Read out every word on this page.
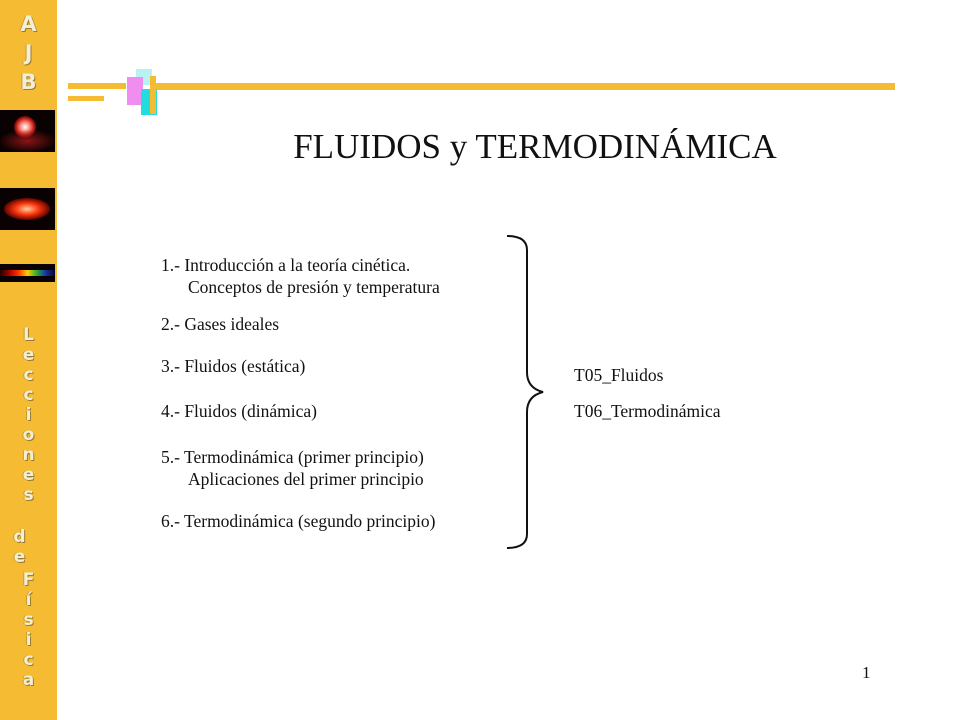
A
J
B
L
e
c
c
i
o
n
e
s
d
e
F
í
s
i
c
a
FLUIDOS y TERMODINÁMICA
1.- Introducción a la teoría cinética.
Conceptos de presión y temperatura
2.- Gases ideales
3.- Fluidos (estática)
4.- Fluidos (dinámica)
5.- Termodinámica (primer principio)
Aplicaciones del primer principio
6.- Termodinámica (segundo principio)
T05_Fluidos
T06_Termodinámica
1
